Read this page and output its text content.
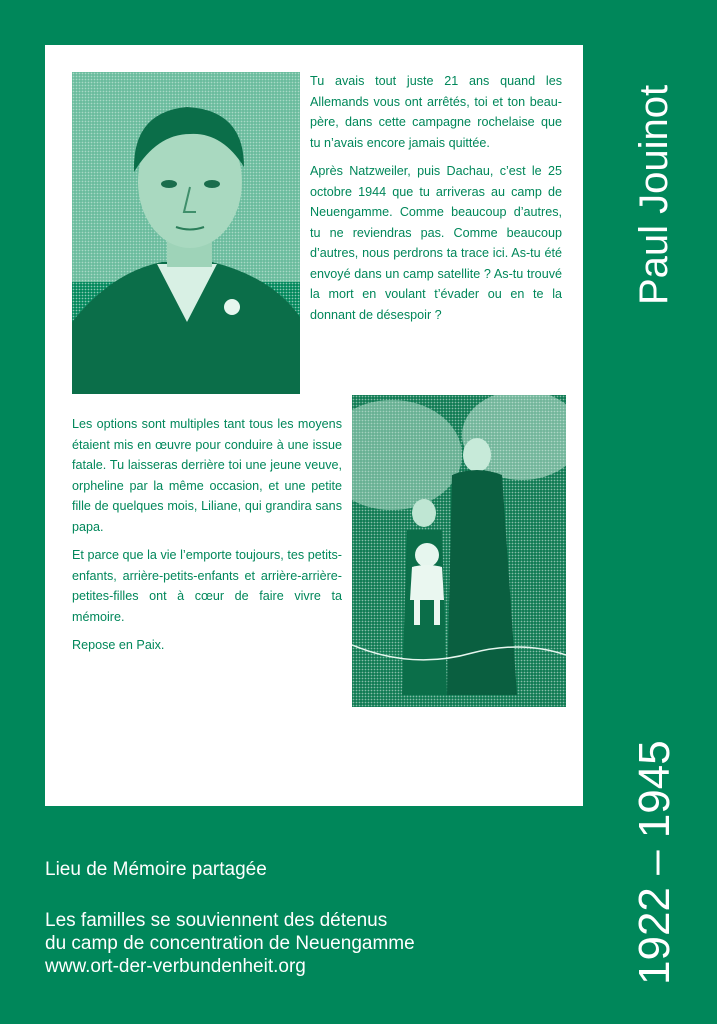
Tu avais tout juste 21 ans quand les Allemands vous ont arrêtés, toi et ton beau-père, dans cette campagne rochelaise que tu n’avais encore jamais quittée.

Après Natzweiler, puis Dachau, c’est le 25 octobre 1944 que tu arriveras au camp de Neuengamme. Comme beaucoup d’autres, tu ne reviendras pas. Comme beaucoup d’autres, nous perdrons ta trace ici. As-tu été envoyé dans un camp satellite ? As-tu trouvé la mort en voulant t’évader ou en te la donnant de désespoir ?

Les options sont multiples tant tous les moyens étaient mis en œuvre pour conduire à une issue fatale. Tu laisseras derrière toi une jeune veuve, orpheline par la même occasion, et une petite fille de quelques mois, Liliane, qui grandira sans papa.

Et parce que la vie l’emporte toujours, tes petits-enfants, arrière-petits-enfants et arrière-arrière-petites-filles ont à cœur de faire vivre ta mémoire.

Repose en Paix.

Paul Jouinot
1922 – 1945
Lieu de Mémoire partagée
Les familles se souviennent des détenus
du camp de concentration de Neuengamme
www.ort-der-verbundenheit.org
